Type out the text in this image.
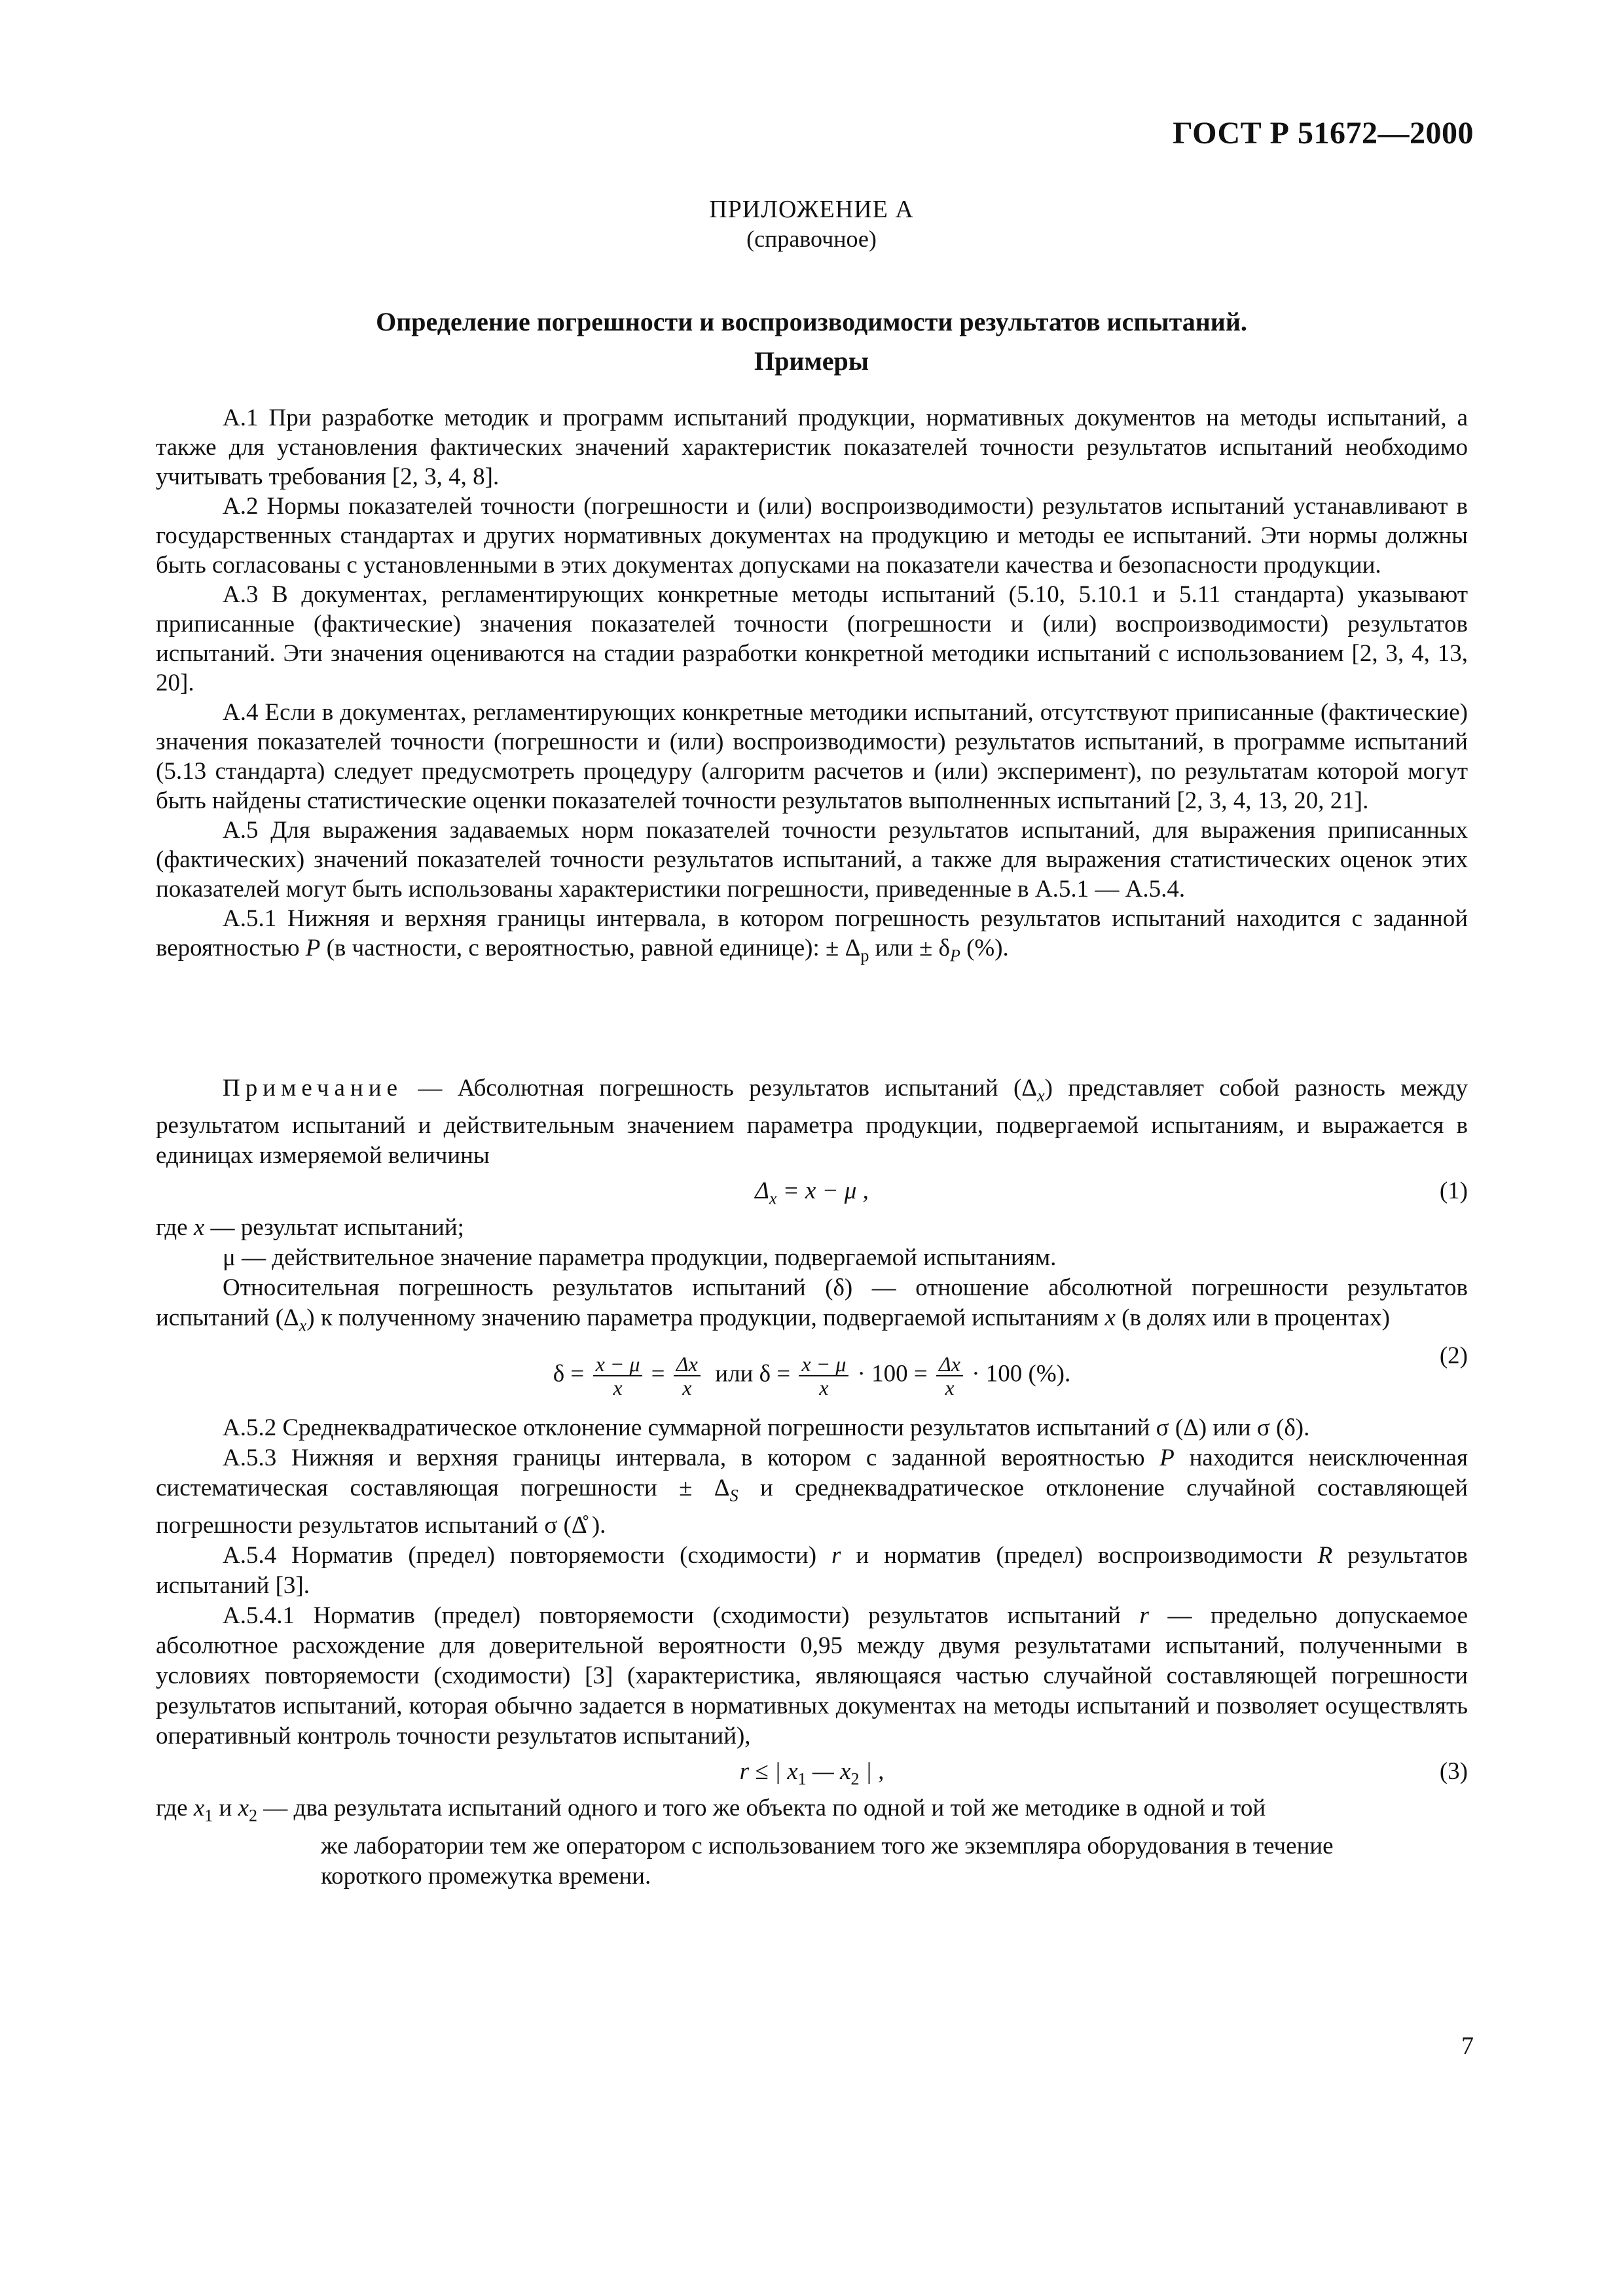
ГОСТ Р 51672—2000
ПРИЛОЖЕНИЕ А
(справочное)
Определение погрешности и воспроизводимости результатов испытаний.
Примеры

А.1 При разработке методик и программ испытаний продукции, нормативных документов на методы испытаний, а также для установления фактических значений характеристик показателей точности результатов испытаний необходимо учитывать требования [2, 3, 4, 8].

А.2 Нормы показателей точности (погрешности и (или) воспроизводимости) результатов испытаний устанавливают в государственных стандартах и других нормативных документах на продукцию и методы ее испытаний. Эти нормы должны быть согласованы с установленными в этих документах допусками на показатели качества и безопасности продукции.

А.3 В документах, регламентирующих конкретные методы испытаний (5.10, 5.10.1 и 5.11 стандарта) указывают приписанные (фактические) значения показателей точности (погрешности и (или) воспроизводимости) результатов испытаний. Эти значения оцениваются на стадии разработки конкретной методики испытаний с использованием [2, 3, 4, 13, 20].

А.4 Если в документах, регламентирующих конкретные методики испытаний, отсутствуют приписанные (фактические) значения показателей точности (погрешности и (или) воспроизводимости) результатов испытаний, в программе испытаний (5.13 стандарта) следует предусмотреть процедуру (алгоритм расчетов и (или) эксперимент), по результатам которой могут быть найдены статистические оценки показателей точности результатов выполненных испытаний [2, 3, 4, 13, 20, 21].

А.5 Для выражения задаваемых норм показателей точности результатов испытаний, для выражения приписанных (фактических) значений показателей точности результатов испытаний, а также для выражения статистических оценок этих показателей могут быть использованы характеристики погрешности, приведенные в А.5.1 — А.5.4.

А.5.1 Нижняя и верхняя границы интервала, в котором погрешность результатов испытаний находится с заданной вероятностью P (в частности, с вероятностью, равной единице): ± $\Delta_р$ или ± $\delta_P$ (%).

Примечание — Абсолютная погрешность результатов испытаний $(\Delta_x)$ представляет собой разность между результатом испытаний и действительным значением параметра продукции, подвергаемой испытаниям, и выражается в единицах измеряемой величины

$\Delta_x = x - \mu$ ,	(1)

где x — результат испытаний;

μ — действительное значение параметра продукции, подвергаемой испытаниям.

Относительная погрешность результатов испытаний (δ) — отношение абсолютной погрешности результатов испытаний $(\Delta_x)$ к полученному значению параметра продукции, подвергаемой испытаниям x (в долях или в процентах)

$\delta = \frac{x - \mu}{x} = \frac{\Delta x}{x}$ или $\delta = \frac{x - \mu}{x} \cdot 100 = \frac{\Delta x}{x} \cdot 100$ (%).
(2)

А.5.2 Среднеквадратическое отклонение суммарной погрешности результатов испытаний σ (Δ) или σ (δ).

А.5.3 Нижняя и верхняя границы интервала, в котором с заданной вероятностью P находится неисключенная систематическая составляющая погрешности ± $\Delta_S$ и среднеквадратическое отклонение случайной составляющей погрешности результатов испытаний σ (Δ̊ ).

А.5.4 Норматив (предел) повторяемости (сходимости) r и норматив (предел) воспроизводимости R результатов испытаний [3].

А.5.4.1 Норматив (предел) повторяемости (сходимости) результатов испытаний r — предельно допускаемое абсолютное расхождение для доверительной вероятности 0,95 между двумя результатами испытаний, полученными в условиях повторяемости (сходимости) [3] (характеристика, являющаяся частью случайной составляющей погрешности результатов испытаний, которая обычно задается в нормативных документах на методы испытаний и позволяет осуществлять оперативный контроль точности результатов испытаний),

r ≤ | $x_1$ — $x_2$ | ,	(3)
где $x_1$ и $x_2$ — два результата испытаний одного и того же объекта по одной и той же методике в одной и той
же лаборатории тем же оператором с использованием того же экземпляра оборудования в течение
короткого промежутка времени.
7
